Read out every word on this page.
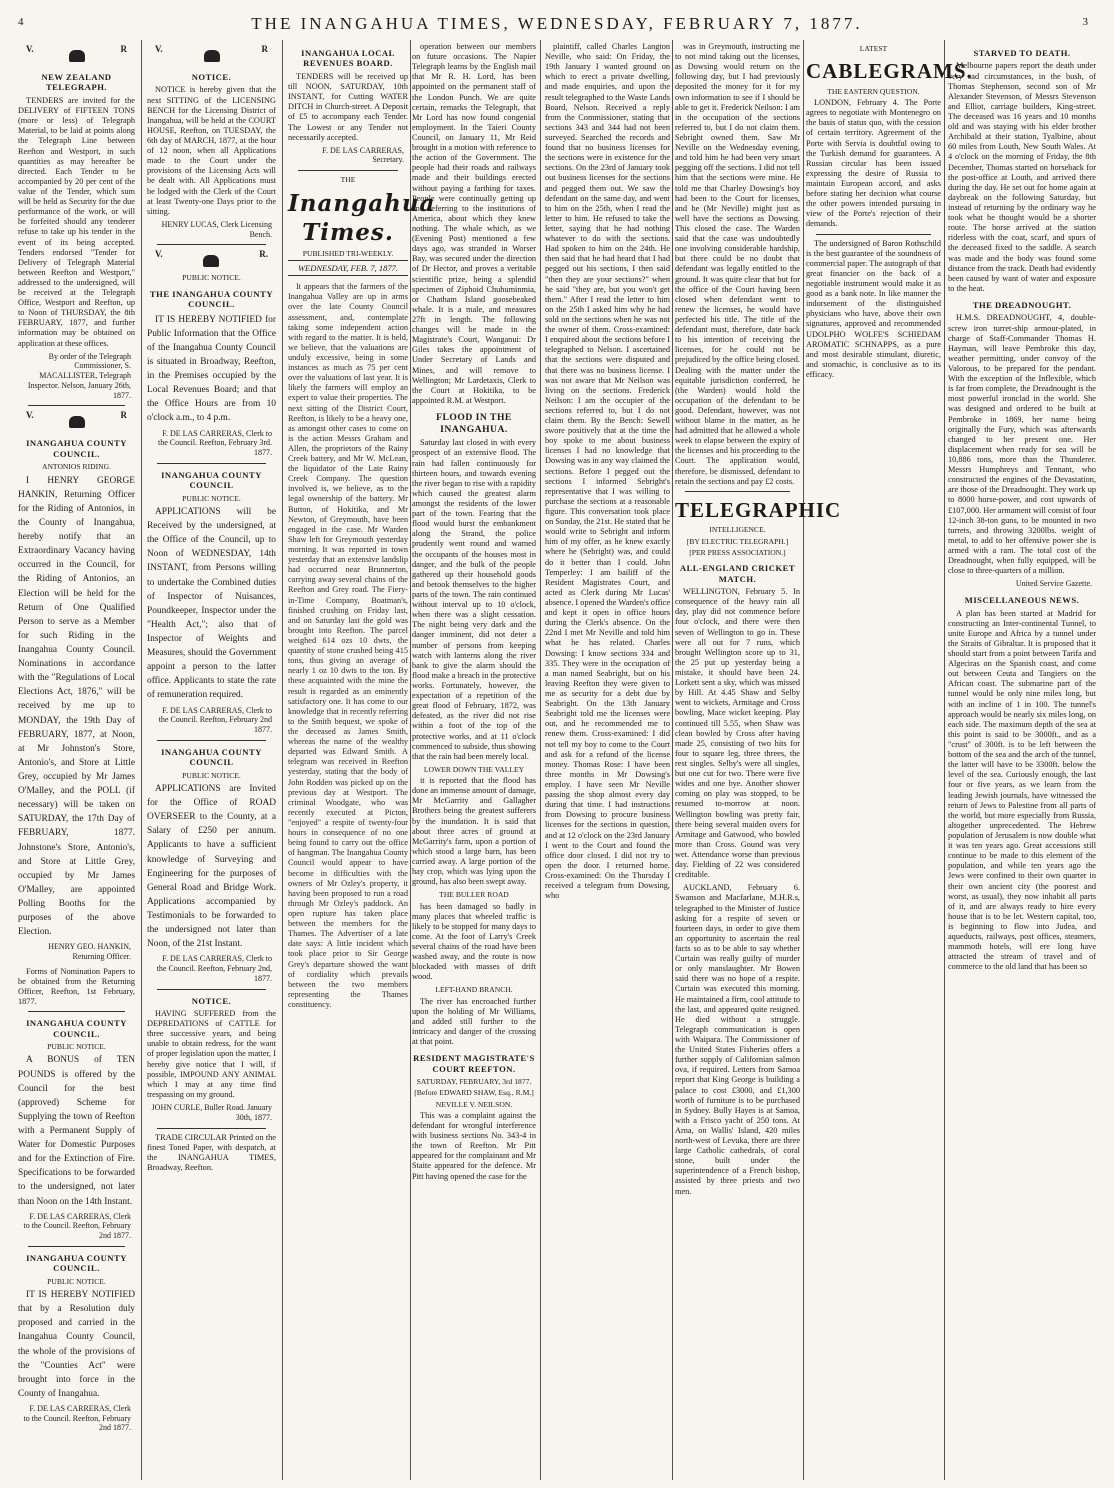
4	THE INANGAHUA TIMES, WEDNESDAY, FEBRUARY 7, 1877.	3
V.	R
NEW ZEALAND TELEGRAPH.

TENDERS are invited for the DELIVERY of FIFTEEN TONS (more or less) of Telegraph Material, to be laid at points along the Telegraph Line between Reefton and Westport, in such quantities as may hereafter be directed. Each Tender to be accompanied by 20 per cent of the value of the Tender, which sum will be held as Security for the due performance of the work, or will be forfeited should any tenderer refuse to take up his tender in the event of its being accepted. Tenders endorsed "Tender for Delivery of Telegraph Material between Reefton and Westport," addressed to the undersigned, will be received at the Telegraph Office, Westport and Reefton, up to Noon of THURSDAY, the 8th FEBRUARY, 1877, and further information may be obtained on application at these offices.

By order of the Telegraph Commissioner, S. MACALLISTER, Telegraph Inspector. Nelson, January 26th, 1877.
V.	R
INANGAHUA COUNTY COUNCIL.
ANTONIOS RIDING.

I HENRY GEORGE HANKIN, Returning Officer for the Riding of Antonios, in the County of Inangahua, hereby notify that an Extraordinary Vacancy having occurred in the Council, for the Riding of Antonios, an Election will be held for the Return of One Qualified Person to serve as a Member for such Riding in the Inangahua County Council. Nominations in accordance with the "Regulations of Local Elections Act, 1876," will be received by me up to MONDAY, the 19th Day of FEBRUARY, 1877, at Noon, at Mr Johnston's Store, Antonio's, and Store at Little Grey, occupied by Mr James O'Malley, and the POLL (if necessary) will be taken on SATURDAY, the 17th Day of FEBRUARY, 1877. Johnstone's Store, Antonio's, and Store at Little Grey, occupied by Mr James O'Malley, are appointed Polling Booths for the purposes of the above Election.

HENRY GEO. HANKIN, Returning Officer.

Forms of Nomination Papers to be obtained from the Returning Officer, Reefton, 1st February, 1877.

INANGAHUA COUNTY COUNCIL.
PUBLIC NOTICE.

A BONUS of TEN POUNDS is offered by the Council for the best (approved) Scheme for Supplying the town of Reefton with a Permanent Supply of Water for Domestic Purposes and for the Extinction of Fire. Specifications to be forwarded to the undersigned, not later than Noon on the 14th Instant.

F. DE LAS CARRERAS, Clerk to the Council. Reefton, February 2nd 1877.
INANGAHUA COUNTY COUNCIL.
PUBLIC NOTICE.

IT IS HEREBY NOTIFIED that by a Resolution duly proposed and carried in the Inangahua County Council, the whole of the provisions of the "Counties Act" were brought into force in the County of Inangahua.

F. DE LAS CARRERAS, Clerk to the Council. Reefton, February 2nd 1877.
V.	R
NOTICE.

NOTICE is hereby given that the next SITTING of the LICENSING BENCH for the Licensing District of Inangahua, will be held at the COURT HOUSE, Reefton, on TUESDAY, the 6th day of MARCH, 1877, at the hour of 12 noon, when all Applications made to the Court under the provisions of the Licensing Acts will be dealt with. All Applications must be lodged with the Clerk of the Court at least Twenty-one Days prior to the sitting.

HENRY LUCAS, Clerk Licensing Bench.
V.	R.
PUBLIC NOTICE.
THE INANGAHUA COUNTY COUNCIL.

IT IS HEREBY NOTIFIED for Public Information that the Office of the Inangahua County Council is situated in Broadway, Reefton, in the Premises occupied by the Local Revenues Board; and that the Office Hours are from 10 o'clock a.m., to 4 p.m.

F. DE LAS CARRERAS, Clerk to the Council. Reefton, February 3rd. 1877.
INANGAHUA COUNTY COUNCIL
PUBLIC NOTICE.

APPLICATIONS will be Received by the undersigned, at the Office of the Council, up to Noon of WEDNESDAY, 14th INSTANT, from Persons willing to undertake the Combined duties of Inspector of Nuisances, Poundkeeper, Inspector under the "Health Act,"; also that of Inspector of Weights and Measures, should the Government appoint a person to the latter office. Applicants to state the rate of remuneration required.

F. DE LAS CARRERAS, Clerk to the Council. Reefton, February 2nd 1877.
INANGAHUA COUNTY COUNCIL
PUBLIC NOTICE.

APPLICATIONS are Invited for the Office of ROAD OVERSEER to the County, at a Salary of £250 per annum. Applicants to have a sufficient knowledge of Surveying and Engineering for the purposes of General Road and Bridge Work. Applications accompanied by Testimonials to be forwarded to the undersigned not later than Noon, of the 21st Instant.

F. DE LAS CARRERAS, Clerk to the Council. Reefton, February 2nd, 1877.
NOTICE.

HAVING SUFFERED from the DEPREDATIONS of CATTLE for three successive years, and being unable to obtain redress, for the want of proper legislation upon the matter, I hereby give notice that I will, if possible, IMPOUND ANY ANIMAL which I may at any time find trespassing on my ground.

JOHN CURLE, Buller Road. January 30th, 1877.

TRADE CIRCULAR Printed on the finest Toned Paper, with despatch, at the INANGAHUA TIMES, Broadway, Reefton.

INANGAHUA LOCAL REVENUES BOARD.

TENDERS will be received up till NOON, SATURDAY, 10th INSTANT, for Cutting WATER DITCH in Church-street. A Deposit of £5 to accompany each Tender. The Lowest or any Tender not necessarily accepted.

F. DE LAS CARRERAS, Secretary.
THE
Inangahua Times.
PUBLISHED TRI-WEEKLY.
WEDNESDAY, FEB. 7, 1877.

It appears that the farmers of the Inangahua Valley are up in arms over the late County Council assessment, and, contemplate taking some independent action with regard to the matter. It is held, we believe, that the valuations are unduly excessive, being in some instances as much as 75 per cent over the valuations of last year. It is likely the farmers will employ an expert to value their properties. The next sitting of the District Court, Reefton, is likely to be a heavy one, as amongst other cases to come on is the action Messrs Graham and Allen, the proprietors of the Rainy Creek battery, and Mr W. McLean, the liquidator of the Late Rainy Creek Company. The question involved is, we believe, as to the legal ownership of the battery. Mr Button, of Hokitika, and Mr Newton, of Greymouth, have been engaged in the case. Mr Warden Shaw left for Greymouth yesterday morning. It was reported in town yesterday that an extensive landslip had occurred near Brunnerton, carrying away several chains of the Reefton and Grey road. The Fiery-in-Time Company, Boatman's, finished crushing on Friday last, and on Saturday last the gold was brought into Reefton. The parcel weighed 614 ozs 10 dwts, the quantity of stone crushed being 415 tons, thus giving an average of nearly 1 oz 10 dwts to the ton. By these acquainted with the mine the result is regarded as an eminently satisfactory one. It has come to our knowledge that in recently referring to the Smith bequest, we spoke of the deceased as James Smith, whereas the name of the wealthy departed was Edward Smith. A telegram was received in Reefton yesterday, stating that the body of John Rodden was picked up on the previous day at Westport. The criminal Woodgate, who was recently executed at Picton, "enjoyed" a respite of twenty-four hours in consequence of no one being found to carry out the office of hangman. The Inangahua County Council would appear to have become in difficulties with the owners of Mr Ozley's property, it having been proposed to run a road through Mr Ozley's paddock. An open rupture has taken place between the members for the Thames. The Advertiser of a late date says: A little incident which took place prior to Sir George Grey's departure showed the want of cordiality which prevails between the two members representing the Thames constituency.

operation between our members on future occasions. The Napier Telegraph learns by the English mail that Mr R. H. Lord, has been appointed on the permanent staff of the London Punch. We are quite certain, remarks the Telegraph, that Mr Lord has now found congenial employment. In the Taieri County Council, on January 11, Mr Reid brought in a motion with reference to the action of the Government. The people had their roads and railways made and their buildings erected without paying a farthing for taxes. People were continually getting up and referring to the institutions of America, about which they knew nothing. The whale which, as we (Evening Post) mentioned a few days ago, was stranded in Worser Bay, was secured under the direction of Dr Hector, and proves a veritable scientific prize, being a splendid specimen of Ziphoid Chuhuminmia, or Chatham Island goosebeaked whale. It is a male, and measures 27ft in length. The following changes will be made in the Magistrate's Court, Wanganui: Dr Giles takes the appointment of Under Secretary of Lands and Mines, and will remove to Wellington; Mr Lardetaxis, Clerk to the Court at Hokitika, to be appointed R.M. at Westport.

FLOOD IN THE INANGAHUA.

Saturday last closed in with every prospect of an extensive flood. The rain had fallen continuously for thirteen hours, and towards evening the river began to rise with a rapidity which caused the greatest alarm amongst the residents of the lower part of the town. Fearing that the flood would burst the embankment along the Strand, the police prudently went round and warned the occupants of the houses most in danger, and the bulk of the people gathered up their household goods and betook themselves to the higher parts of the town. The rain continued without interval up to 10 o'clock, when there was a slight cessation. The night being very dark and the danger imminent, did not deter a number of persons from keeping watch with lanterns along the river bank to give the alarm should the flood make a breach in the protective works. Fortunately, however, the expectation of a repetition of the great flood of February, 1872, was defeated, as the river did not rise within a foot of the top of the protective works, and at 11 o'clock commenced to subside, thus showing that the rain had been merely local.

LOWER DOWN THE VALLEY

it is reported that the flood has done an immense amount of damage, Mr McGarrity and Gallagher Brothers being the greatest sufferers by the inundation. It is said that about three acres of ground at McGarrity's farm, upon a portion of which stood a large barn, has been carried away. A large portion of the hay crop, which was lying upon the ground, has also been swept away.

THE BULLER ROAD

has been damaged so badly in many places that wheeled traffic is likely to be stopped for many days to come. At the foot of Larry's Creek several chains of the road have been washed away, and the route is now blockaded with masses of drift wood.

LEFT-HAND BRANCH.

The river has encroached further upon the holding of Mr Williams, and added still further to the intricacy and danger of the crossing at that point.

RESIDENT MAGISTRATE'S COURT REEFTON.
SATURDAY, FEBRUARY, 3rd 1877.
[Before EDWARD SHAW, Esq., R.M.]
NEVILLE V. NEILSON.

This was a complaint against the defendant for wrongful interference with business sections No. 343-4 in the town of Reefton. Mr Pitt appeared for the complainant and Mr Staite appeared for the defence. Mr Pitt having opened the case for the

plaintiff, called Charles Langton Neville, who said: On Friday, the 19th January I wanted ground on which to erect a private dwelling, and made enquiries, and upon the result telegraphed to the Waste Lands Board, Nelson. Received a reply from the Commissioner, stating that sections 343 and 344 had not been surveyed. Searched the records and found that no business licenses for the sections were in existence for the sections. On the 23rd of January took out business licenses for the sections and pegged them out. We saw the defendant on the same day, and went to him on the 25th, when I read the letter to him. He refused to take the letter, saying that he had nothing whatever to do with the sections. Had spoken to him on the 24th. He then said that he had heard that I had pegged out his sections, I then said "then they are your sections?" when he said "they are, but you won't get them." After I read the letter to him on the 25th I asked him why he had sold on the sections when he was not the owner of them. Cross-examined: I enquired about the sections before I telegraphed to Nelson. I ascertained that the sections were disputed and that there was no business license. I was not aware that Mr Neilson was living on the sections. Frederick Neilson: I am the occupier of the sections referred to, but I do not claim them. By the Bench: Sewell swore positively that at the time the boy spoke to me about business licenses I had no knowledge that Dowsing was in any way claimed the sections. Before I pegged out the sections I informed Sebright's representative that I was willing to purchase the sections at a reasonable figure. This conversation took place on Sunday, the 21st. He stated that he would write to Sebright and inform him of my offer, as he knew exactly where he (Sebright) was, and could do it better than I could. John Temperley: I am bailiff of the Resident Magistrates Court, and acted as Clerk during Mr Lucas' absence. I opened the Warden's office and kept it open in office hours during the Clerk's absence. On the 22nd I met Mr Neville and told him what he has related. Charles Dowsing: I know sections 334 and 335. They were in the occupation of a man named Seabright, but on his leaving Reefton they were given to me as security for a debt due by Seabright. On the 13th January Seabright told me the licenses were out, and he recommended me to renew them. Cross-examined: I did not tell my boy to come to the Court and ask for a refund of the license money. Thomas Rose: I have been three months in Mr Dowsing's employ. I have seen Mr Neville passing the shop almost every day during that time. I had instructions from Dowsing to procure business licenses for the sections in question, and at 12 o'clock on the 23rd January I went to the Court and found the office door closed. I did not try to open the door. I returned home. Cross-examined: On the Thursday I received a telegram from Dowsing, who

was in Greymouth, instructing me to not mind taking out the licenses, as Dowsing would return on the following day, but I had previously deposited the money for it for my own information to see if I should be able to get it. Frederick Neilson: I am in the occupation of the sections referred to, but I do not claim them. Sebright owned them. Saw Mr Neville on the Wednesday evening, and told him he had been very smart pegging off the sections. I did not tell him that the sections were mine. He told me that Charley Dowsing's boy had been to the Court for licenses, and he (Mr Neville) might just as well have the sections as Dowsing. This closed the case. The Warden said that the case was undoubtedly one involving considerable hardship, but there could be no doubt that defendant was legally entitled to the ground. It was quite clear that but for the office of the Court having been closed when defendant went to renew the licenses, he would have perfected his title. The title of the defendant must, therefore, date back to his intention of receiving the licenses, for he could not be prejudiced by the office being closed. Dealing with the matter under the equitable jurisdiction conferred, he (the Warden) would hold the occupation of the defendant to be good. Defendant, however, was not without blame in the matter, as he had admitted that he allowed a whole week to elapse between the expiry of the licenses and his proceeding to the Court. The application would, therefore, be dismissed, defendant to retain the sections and pay £2 costs.

TELEGRAPHIC
INTELLIGENCE.
[BY ELECTRIC TELEGRAPH.]
[PER PRESS ASSOCIATION.]
ALL-ENGLAND CRICKET MATCH.

WELLINGTON, February 5. In consequence of the heavy rain all day, play did not commence before four o'clock, and there were then seven of Wellington to go in. These were all out for 7 runs, which brought Wellington score up to 31, the 25 put up yesterday being a mistake, it should have been 24. Lorkett sent a sky, which was missed by Hill. At 4.45 Shaw and Selby went to wickets, Armitage and Cross bowling, Mace wicket keeping. Play continued till 5.55, when Shaw was clean bowled by Cross after having made 25, consisting of two hits for four to square leg, three threes, the rest singles. Selby's were all singles, but one cut for two. There were five wides and one bye. Another shower coming on play was stopped, to be resumed to-morrow at noon. Wellington bowling was pretty fair, there being several maiden overs for Armitage and Gatwood, who bowled more than Cross. Gound was very wet. Attendance worse than previous day. Fielding of 22 was considered creditable.

AUCKLAND, February 6. Swanson and Macfarlane, M.H.R.s, telegraphed to the Minister of Justice asking for a respite of seven or fourteen days, in order to give them an opportunity to ascertain the real facts so as to be able to say whether Curtain was really guilty of murder or only manslaughter. Mr Bowen said there was no hope of a respite. Curtain was executed this morning. He maintained a firm, cool attitude to the last, and appeared quite resigned. He died without a struggle. Telegraph communication is open with Waipara. The Commissioner of the United States Fisheries offers a further supply of Californian salmon ova, if required. Letters from Samoa report that King George is building a palace to cost £3000, and £1,300 worth of furniture is to be purchased in Sydney. Bully Hayes is at Samoa, with a Frisco yacht of 250 tons. At Arna, on Wallis' Island, 420 miles north-west of Levuka, there are three large Catholic cathedrals, of coral stone, built under the superintendence of a French bishop, assisted by three priests and two men.

LATEST
CABLEGRAMS.
THE EASTERN QUESTION.

LONDON, February 4. The Porte agrees to negotiate with Montenegro on the basis of status quo, with the cession of certain territory. Agreement of the Porte with Servia is doubtful owing to the Turkish demand for guarantees. A Russian circular has been issued expressing the desire of Russia to maintain European accord, and asks before stating her decision what course the other powers intended pursuing in view of the Porte's rejection of their demands.

The undersigned of Baron Rothschild is the best guarantee of the soundness of commercial paper. The autograph of that great financier on the back of a negotiable instrument would make it as good as a bank note. In like manner the indorsement of the distinguished physicians who have, above their own signatures, approved and recommended UDOLPHO WOLFE'S SCHIEDAM AROMATIC SCHNAPPS, as a pure and most desirable stimulant, diuretic, and stomachic, is conclusive as to its efficacy.

STARVED TO DEATH.

Melbourne papers report the death under very sad circumstances, in the bush, of Thomas Stephenson, second son of Mr Alexander Stevenson, of Messrs Stevenson and Elliot, carriage builders, King-street. The deceased was 16 years and 10 months old and was staying with his elder brother Archibald at their station, Tyalbine, about 60 miles from Louth, New South Wales. At 4 o'clock on the morning of Friday, the 8th December, Thomas started on horseback for the post-office at Louth, and arrived there during the day. He set out for home again at daybreak on the following Saturday, but instead of returning by the ordinary way he took what he thought would be a shorter route. The horse arrived at the station riderless with the coat, scarf, and spurs of the deceased fixed to the saddle. A search was made and the body was found some distance from the track. Death had evidently been caused by want of water and exposure to the heat.

THE DREADNOUGHT.

H.M.S. DREADNOUGHT, 4, double-screw iron turret-ship armour-plated, in charge of Staff-Commander Thomas H. Hayman, will leave Pembroke this day, weather permitting, under convoy of the Valorous, to be prepared for the pendant. With the exception of the Inflexible, which is far from complete, the Dreadnought is the most powerful ironclad in the world. She was designed and ordered to be built at Pembroke in 1869, her name being originally the Fury, which was afterwards changed to her present one. Her displacement when ready for sea will be 10,886 tons, more than the Thunderer. Messrs Humphreys and Tennant, who constructed the engines of the Devastation, are those of the Dreadnought. They work up to 8000 horse-power, and cost upwards of £107,000. Her armament will consist of four 12-inch 38-ton guns, to be mounted in two turrets, and throwing 3200lbs. weight of metal, to add to her offensive power she is armed with a ram. The total cost of the Dreadnought, when fully equipped, will be close to three-quarters of a million.

United Service Gazette.
MISCELLANEOUS NEWS.

A plan has been started at Madrid for constructing an Inter-continental Tunnel, to unite Europe and Africa by a tunnel under the Straits of Gibraltar. It is proposed that it should start from a point between Tarifa and Algeciras on the Spanish coast, and come out between Ceuta and Tangiers on the African coast. The submarine part of the tunnel would be only nine miles long, but with an incline of 1 in 100. The tunnel's approach would be nearly six miles long, on each side. The maximum depth of the sea at this point is said to be 3000ft., and as a "crust" of 300ft. is to be left between the bottom of the sea and the arch of the tunnel, the latter will have to be 3300ft. below the level of the sea. Curiously enough, the last four or five years, as we learn from the leading Jewish journals, have witnessed the return of Jews to Palestine from all parts of the world, but more especially from Russia, altogether unprecedented. The Hebrew population of Jerusalem is now double what it was ten years ago. Great accessions still continue to be made to this element of the population, and while ten years ago the Jews were confined to their own quarter in their own ancient city (the poorest and worst, as usual), they now inhabit all parts of it, and are always ready to hire every house that is to be let. Western capital, too, is beginning to flow into Judea, and aqueducts, railways, post offices, steamers, mammoth hotels, will ere long have attracted the stream of travel and of commerce to the old land that has been so
